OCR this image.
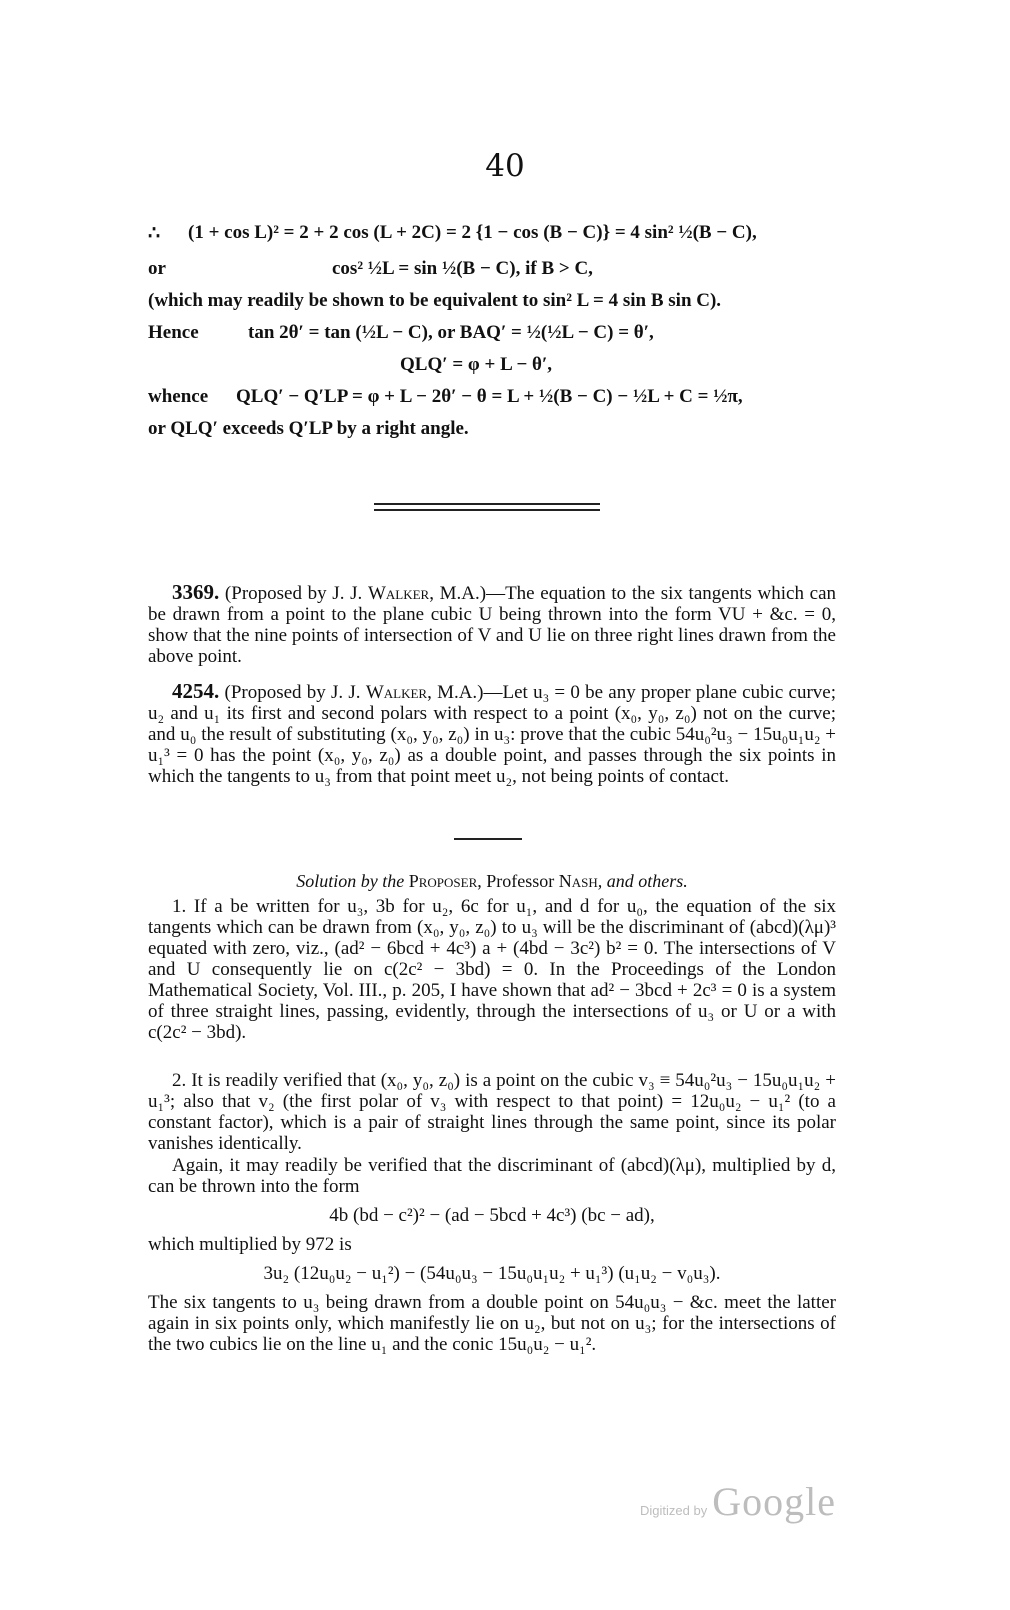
40
∴ (1 + cos L)² = 2 + 2 cos (L + 2C) = 2 {1 − cos (B − C)} = 4 sin² ½(B − C),
or	cos² ½L = sin ½(B − C), if B > C,
(which may readily be shown to be equivalent to sin² L = 4 sin B sin C).
Hence	tan 2θ′ = tan (½L − C), or BAQ′ = ½(½L − C) = θ′,
QLQ′ = φ + L − θ′,
whence QLQ′ − Q′LP = φ + L − 2θ′ − θ = L + ½(B − C) − ½L + C = ½π,
or QLQ′ exceeds Q′LP by a right angle.
3369. (Proposed by J. J. Walker, M.A.)—The equation to the six tangents which can be drawn from a point to the plane cubic U being thrown into the form VU + &c. = 0, show that the nine points of intersection of V and U lie on three right lines drawn from the above point.
4254. (Proposed by J. J. Walker, M.A.)—Let u₃ = 0 be any proper plane cubic curve; u₂ and u₁ its first and second polars with respect to a point (x₀, y₀, z₀) not on the curve; and u₀ the result of substituting (x₀, y₀, z₀) in u₃: prove that the cubic 54u₀²u₃ − 15u₀u₁u₂ + u₁³ = 0 has the point (x₀, y₀, z₀) as a double point, and passes through the six points in which the tangents to u₃ from that point meet u₂, not being points of contact.
Solution by the Proposer, Professor Nash, and others.
1. If a be written for u₃, 3b for u₂, 6c for u₁, and d for u₀, the equation of the six tangents which can be drawn from (x₀, y₀, z₀) to u₃ will be the discriminant of (abcd)(λμ)³ equated with zero, viz., (ad² − 6bcd + 4c³) a + (4bd − 3c²) b² = 0. The intersections of V and U consequently lie on c(2c² − 3bd) = 0. In the Proceedings of the London Mathematical Society, Vol. III., p. 205, I have shown that ad² − 3bcd + 2c³ = 0 is a system of three straight lines, passing, evidently, through the intersections of u₃ or U or a with c(2c² − 3bd).
2. It is readily verified that (x₀, y₀, z₀) is a point on the cubic v₃ ≡ 54u₀²u₃ − 15u₀u₁u₂ + u₁³; also that v₂ (the first polar of v₃ with respect to that point) = 12u₀u₂ − u₁² (to a constant factor), which is a pair of straight lines through the same point, since its polar vanishes identically.
Again, it may readily be verified that the discriminant of (abcd)(λμ), multiplied by d, can be thrown into the form
4b (bd − c²)² − (ad − 5bcd + 4c³) (bc − ad),
which multiplied by 972 is
3u₂ (12u₀u₂ − u₁²) − (54u₀u₃ − 15u₀u₁u₂ + u₁³) (u₁u₂ − v₀u₃).
The six tangents to u₃ being drawn from a double point on 54u₀u₃ − &c. meet the latter again in six points only, which manifestly lie on u₂, but not on u₃; for the intersections of the two cubics lie on the line u₁ and the conic 15u₀u₂ − u₁².
Digitized by Google
